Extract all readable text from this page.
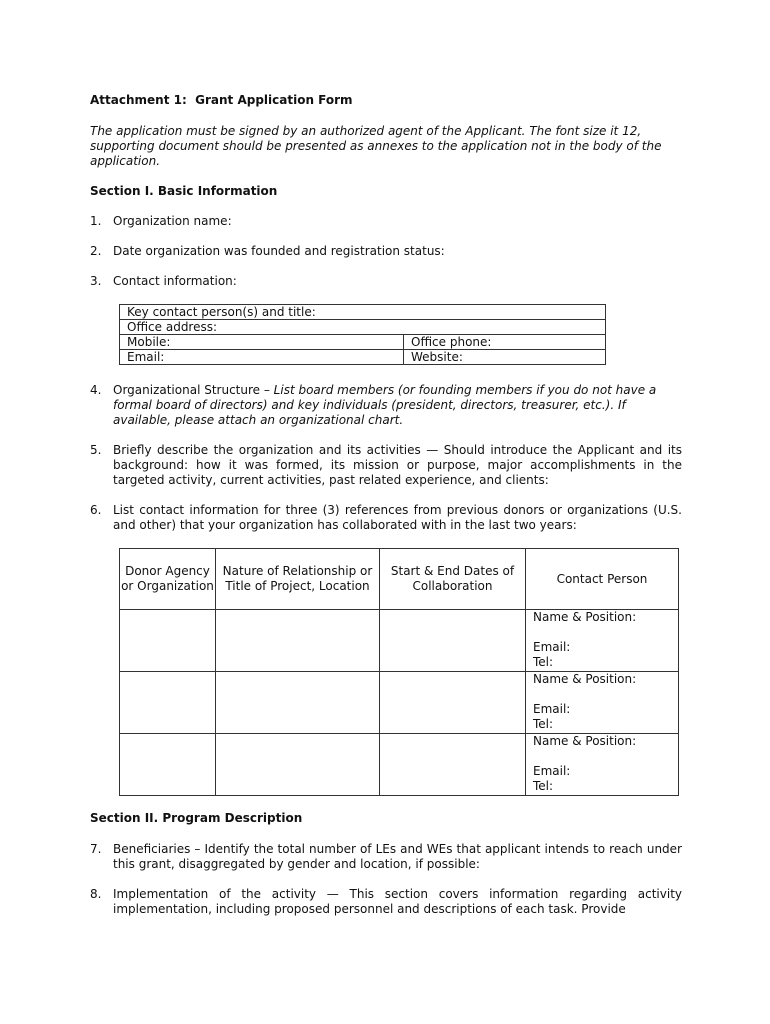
Attachment 1:  Grant Application Form
The application must be signed by an authorized agent of the Applicant. The font size it 12, supporting document should be presented as annexes to the application not in the body of the application.
Section I. Basic Information
1. Organization name:
2. Date organization was founded and registration status:
3. Contact information:
Key contact person(s) and title:	
Office address:	
Mobile:	Office phone:
Email:	Website:
4. Organizational Structure – List board members (or founding members if you do not have a formal board of directors) and key individuals (president, directors, treasurer, etc.). If available, please attach an organizational chart.
5. Briefly describe the organization and its activities — Should introduce the Applicant and its background: how it was formed, its mission or purpose, major accomplishments in the targeted activity, current activities, past related experience, and clients:
6. List contact information for three (3) references from previous donors or organizations (U.S. and other) that your organization has collaborated with in the last two years:
Donor Agency or Organization	Nature of Relationship or Title of Project, Location	Start & End Dates of Collaboration	Contact Person

			Name & Position:
Email:
Tel:

			Name & Position:
Email:
Tel:

			Name & Position:
Email:
Tel:
Section II. Program Description
7. Beneficiaries – Identify the total number of LEs and WEs that applicant intends to reach under this grant, disaggregated by gender and location, if possible:
8. Implementation of the activity — This section covers information regarding activity implementation, including proposed personnel and descriptions of each task. Provide
